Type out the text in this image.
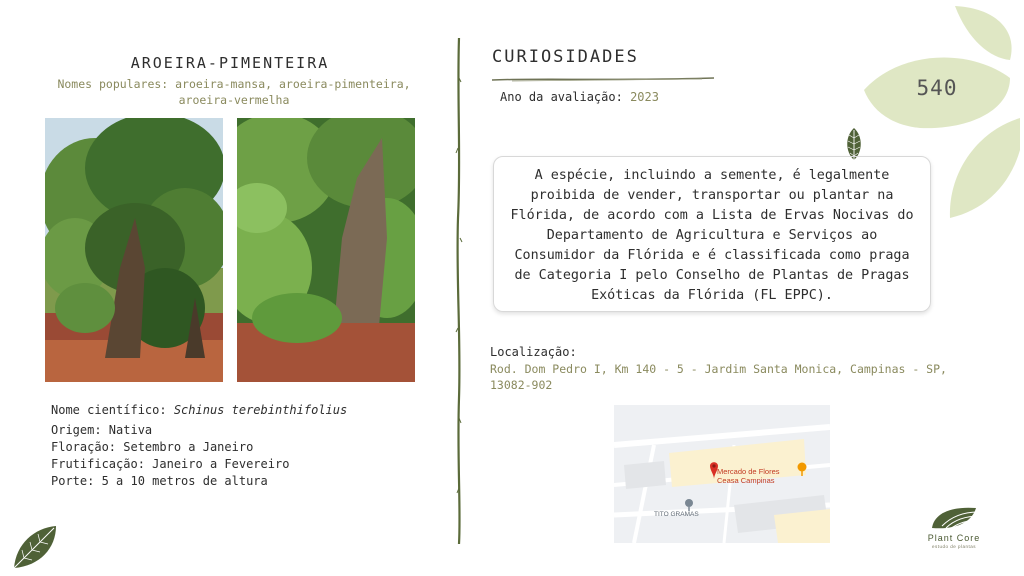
AROEIRA-PIMENTEIRA
Nomes populares: aroeira-mansa, aroeira-pimenteira, aroeira-vermelha
Nome científico: Schinus terebinthifolius
Origem: Nativa
Floração: Setembro a Janeiro
Frutificação: Janeiro a Fevereiro
Porte: 5 a 10 metros de altura
CURIOSIDADES
Ano da avaliação: 2023	540
A espécie, incluindo a semente, é legalmente proibida de vender, transportar ou plantar na Flórida, de acordo com a Lista de Ervas Nocivas do Departamento de Agricultura e Serviços ao Consumidor da Flórida e é classificada como praga de Categoria I pelo Conselho de Plantas de Pragas Exóticas da Flórida (FL EPPC).
Localização:
Rod. Dom Pedro I, Km 140 - 5 - Jardim Santa Monica, Campinas - SP, 13082-902
Mercado de Flores
Ceasa Campinas
TITO GRAMAS
Plant Core
estudo de plantas
